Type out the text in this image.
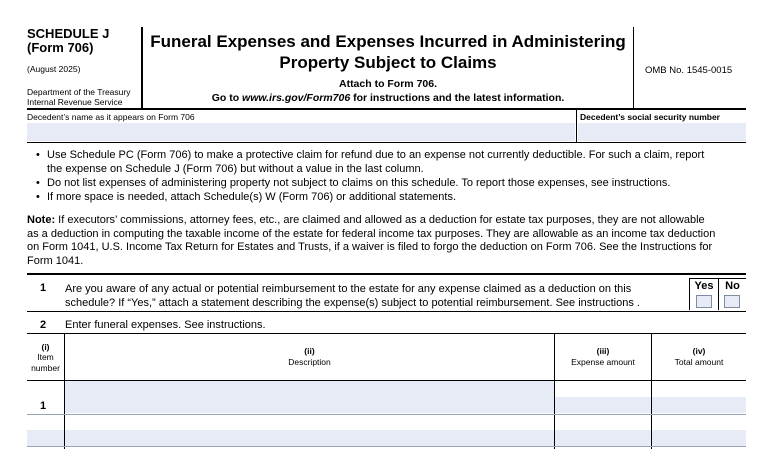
SCHEDULE J
(Form 706)
(August 2025)
Department of the Treasury
Internal Revenue Service
Funeral Expenses and Expenses Incurred in Administering
Property Subject to Claims
Attach to Form 706.
Go to www.irs.gov/Form706 for instructions and the latest information.
OMB No. 1545-0015
Decedent’s name as it appears on Form 706	Decedent’s social security number
• Use Schedule PC (Form 706) to make a protective claim for refund due to an expense not currently deductible. For such a claim, report
the expense on Schedule J (Form 706) but without a value in the last column.
• Do not list expenses of administering property not subject to claims on this schedule. To report those expenses, see instructions.
• If more space is needed, attach Schedule(s) W (Form 706) or additional statements.
Note: If executors’ commissions, attorney fees, etc., are claimed and allowed as a deduction for estate tax purposes, they are not allowable
as a deduction in computing the taxable income of the estate for federal income tax purposes. They are allowable as an income tax deduction
on Form 1041, U.S. Income Tax Return for Estates and Trusts, if a waiver is filed to forgo the deduction on Form 706. See the Instructions for
Form 1041.
1 Are you aware of any actual or potential reimbursement to the estate for any expense claimed as a deduction on this
schedule? If “Yes,” attach a statement describing the expense(s) subject to potential reimbursement. See instructions .
Yes	No
2 Enter funeral expenses. See instructions.
(i)
Item
number
(ii)
Description
(iii)
Expense amount
(iv)
Total amount
1
